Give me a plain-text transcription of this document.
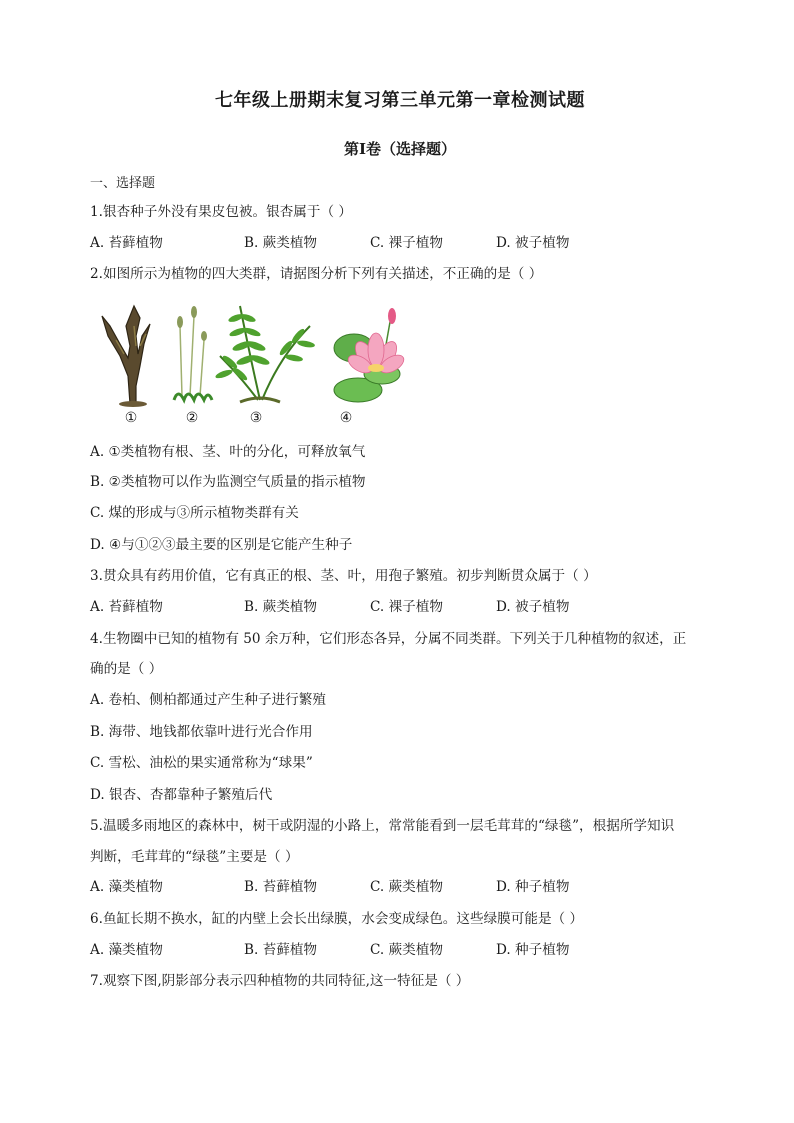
七年级上册期末复习第三单元第一章检测试题
第Ⅰ卷（选择题）
一、选择题
1.银杏种子外没有果皮包被。银杏属于（ ）
A. 苔藓植物	B. 蕨类植物	C. 裸子植物	D. 被子植物
2.如图所示为植物的四大类群，请据图分析下列有关描述，不正确的是（ ）
①	②	③	④
A. ①类植物有根、茎、叶的分化，可释放氧气
B. ②类植物可以作为监测空气质量的指示植物
C. 煤的形成与③所示植物类群有关
D. ④与①②③最主要的区别是它能产生种子
3.贯众具有药用价值，它有真正的根、茎、叶，用孢子繁殖。初步判断贯众属于（ ）
A. 苔藓植物	B. 蕨类植物	C. 裸子植物	D. 被子植物
4.生物圈中已知的植物有 50 余万种，它们形态各异，分属不同类群。下列关于几种植物的叙述，正
确的是（ ）
A. 卷柏、侧柏都通过产生种子进行繁殖
B. 海带、地钱都依靠叶进行光合作用
C. 雪松、油松的果实通常称为“球果”
D. 银杏、杏都靠种子繁殖后代
5.温暖多雨地区的森林中，树干或阴湿的小路上，常常能看到一层毛茸茸的“绿毯”，根据所学知识
判断，毛茸茸的“绿毯”主要是（ ）
A. 藻类植物	B. 苔藓植物	C. 蕨类植物	D. 种子植物
6.鱼缸长期不换水，缸的内壁上会长出绿膜，水会变成绿色。这些绿膜可能是（ ）
A. 藻类植物	B. 苔藓植物	C. 蕨类植物	D. 种子植物
7.观察下图,阴影部分表示四种植物的共同特征,这一特征是（ ）
